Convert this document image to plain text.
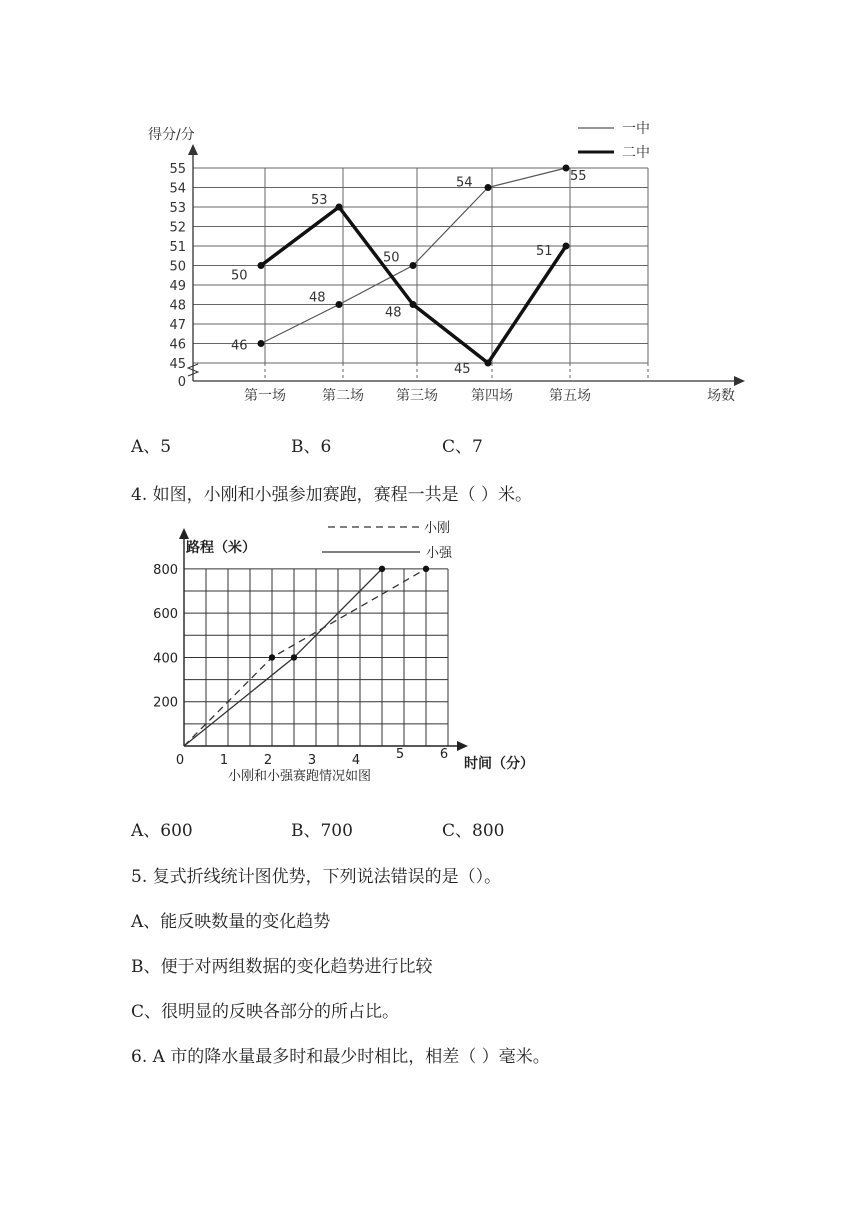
得分/分
场数
0
45
46
47
48
49
50
51
52
53
54
55
第一场	第二场 第三场 第四场	第五场
46
48
50
54	55
50
53
48
45
51
一中
二中
A、5	B、6	C、7
4. 如图，小刚和小强参加赛跑，赛程一共是（ ）米。
路程（米）
时间（分）
小刚和小强赛跑情况如图
200
400
600
800
0	1	2	3	4	5	6
小刚
小强
A、600	B、700	C、800
5. 复式折线统计图优势，下列说法错误的是（）。
A、能反映数量的变化趋势
B、便于对两组数据的变化趋势进行比较
C、很明显的反映各部分的所占比。
6. A 市的降水量最多时和最少时相比，相差（ ）毫米。
